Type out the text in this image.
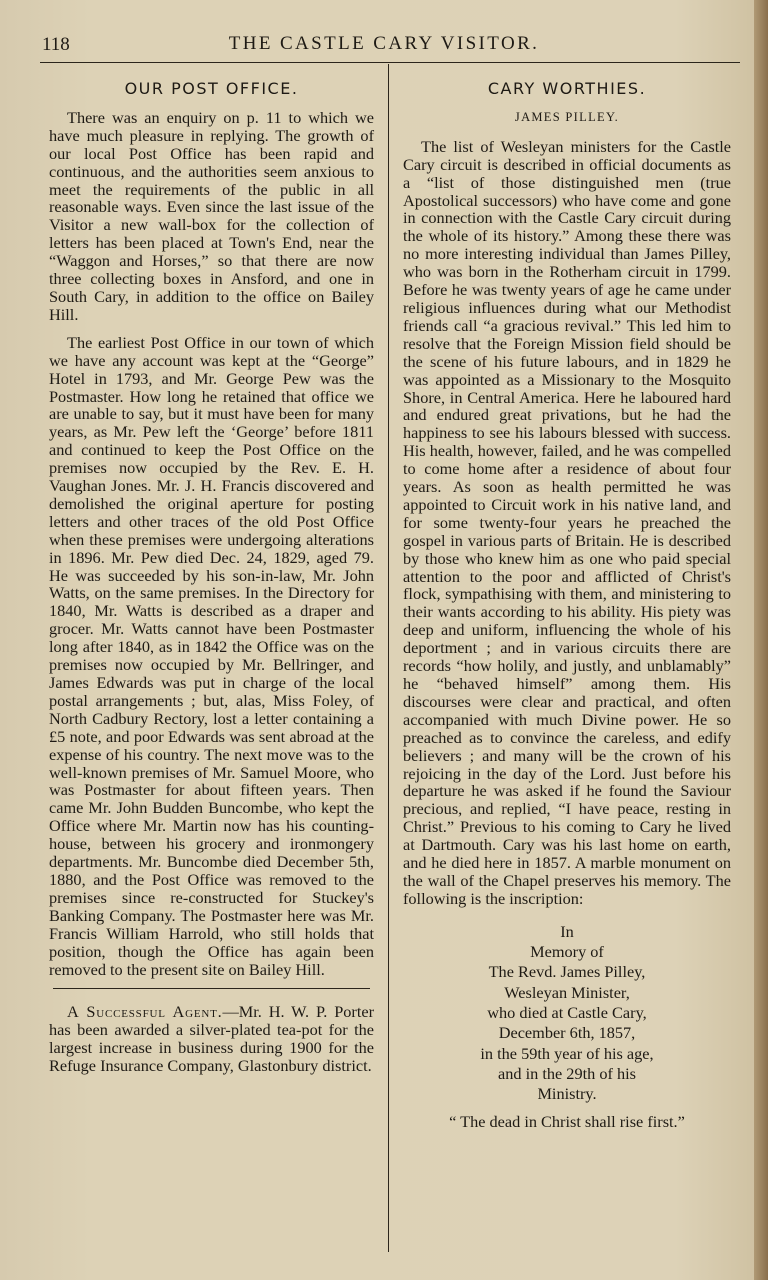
118	THE CASTLE CARY VISITOR.
OUR POST OFFICE.

There was an enquiry on p. 11 to which we have much pleasure in replying. The growth of our local Post Office has been rapid and continuous, and the authorities seem anxious to meet the requirements of the public in all reasonable ways. Even since the last issue of the Visitor a new wall-box for the collection of letters has been placed at Town's End, near the “Waggon and Horses,” so that there are now three collecting boxes in Ansford, and one in South Cary, in addition to the office on Bailey Hill.

The earliest Post Office in our town of which we have any account was kept at the “George” Hotel in 1793, and Mr. George Pew was the Postmaster. How long he retained that office we are unable to say, but it must have been for many years, as Mr. Pew left the ‘George’ before 1811 and continued to keep the Post Office on the premises now occupied by the Rev. E. H. Vaughan Jones. Mr. J. H. Francis discovered and demolished the original aperture for posting letters and other traces of the old Post Office when these premises were undergoing alterations in 1896. Mr. Pew died Dec. 24, 1829, aged 79. He was succeeded by his son-in-law, Mr. John Watts, on the same premises. In the Directory for 1840, Mr. Watts is described as a draper and grocer. Mr. Watts cannot have been Postmaster long after 1840, as in 1842 the Office was on the premises now occupied by Mr. Bellringer, and James Edwards was put in charge of the local postal arrangements ; but, alas, Miss Foley, of North Cadbury Rectory, lost a letter containing a £5 note, and poor Edwards was sent abroad at the expense of his country. The next move was to the well-known premises of Mr. Samuel Moore, who was Postmaster for about fifteen years. Then came Mr. John Budden Buncombe, who kept the Office where Mr. Martin now has his counting-house, between his grocery and ironmongery departments. Mr. Buncombe died December 5th, 1880, and the Post Office was removed to the premises since re-constructed for Stuckey's Banking Company. The Postmaster here was Mr. Francis William Harrold, who still holds that position, though the Office has again been removed to the present site on Bailey Hill.

A Successful Agent.—Mr. H. W. P. Porter has been awarded a silver-plated tea-pot for the largest increase in business during 1900 for the Refuge Insurance Company, Glastonbury district.

CARY WORTHIES.
JAMES PILLEY.

The list of Wesleyan ministers for the Castle Cary circuit is described in official documents as a “list of those distinguished men (true Apostolical successors) who have come and gone in connection with the Castle Cary circuit during the whole of its history.” Among these there was no more interesting individual than James Pilley, who was born in the Rotherham circuit in 1799. Before he was twenty years of age he came under religious influences during what our Methodist friends call “a gracious revival.” This led him to resolve that the Foreign Mission field should be the scene of his future labours, and in 1829 he was appointed as a Missionary to the Mosquito Shore, in Central America. Here he laboured hard and endured great privations, but he had the happiness to see his labours blessed with success. His health, however, failed, and he was compelled to come home after a residence of about four years. As soon as health permitted he was appointed to Circuit work in his native land, and for some twenty-four years he preached the gospel in various parts of Britain. He is described by those who knew him as one who paid special attention to the poor and afflicted of Christ's flock, sympathising with them, and ministering to their wants according to his ability. His piety was deep and uniform, influencing the whole of his deportment ; and in various circuits there are records “how holily, and justly, and unblamably” he “behaved himself” among them. His discourses were clear and practical, and often accompanied with much Divine power. He so preached as to convince the careless, and edify believers ; and many will be the crown of his rejoicing in the day of the Lord. Just before his departure he was asked if he found the Saviour precious, and replied, “I have peace, resting in Christ.” Previous to his coming to Cary he lived at Dartmouth. Cary was his last home on earth, and he died here in 1857. A marble monument on the wall of the Chapel preserves his memory. The following is the inscription:

In
Memory of
The Revd. James Pilley,
Wesleyan Minister,
who died at Castle Cary,
December 6th, 1857,
in the 59th year of his age,
and in the 29th of his
Ministry.
“ The dead in Christ shall rise first.”
